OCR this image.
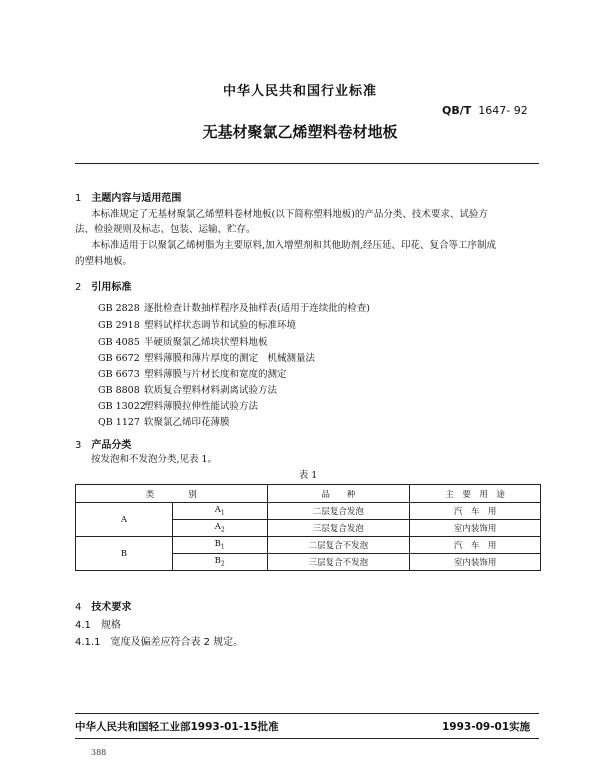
中华人民共和国行业标准
QB/T 1647- 92
无基材聚氯乙烯塑料卷材地板
1 主题内容与适用范围
本标准规定了无基材聚氯乙烯塑料卷材地板(以下简称塑料地板)的产品分类、技术要求、试验方
法、检验规则及标志、包装、运输、贮存。
本标准适用于以聚氯乙烯树脂为主要原料,加入增塑剂和其他助剂,经压延、印花、复合等工序制成
的塑料地板。
2 引用标准
GB 2828 逐批检查计数抽样程序及抽样表(适用于连续批的检查)
GB 2918 塑料试样状态调节和试验的标准环境
GB 4085 半硬质聚氯乙烯块状塑料地板
GB 6672 塑料薄膜和薄片厚度的测定　机械测量法
GB 6673 塑料薄膜与片材长度和宽度的测定
GB 8808 软质复合塑料材料剥离试验方法
GB 13022塑料薄膜拉伸性能试验方法
QB 1127 软聚氯乙烯印花薄膜
3 产品分类
按发泡和不发泡分类,见表 1。
表 1
类　　　　别		品　　种	主　要　用　途
A	$A_1$	二层复合发泡	汽　车　用
	$A_2$	三层复合发泡	室内装饰用
B	$B_1$	二层复合不发泡	汽　车　用
	$B_2$	三层复合不发泡	室内装饰用
4 技术要求
4.1 规格
4.1.1 宽度及偏差应符合表 2 规定。
中华人民共和国轻工业部1993-01-15批准	1993-09-01实施
388
